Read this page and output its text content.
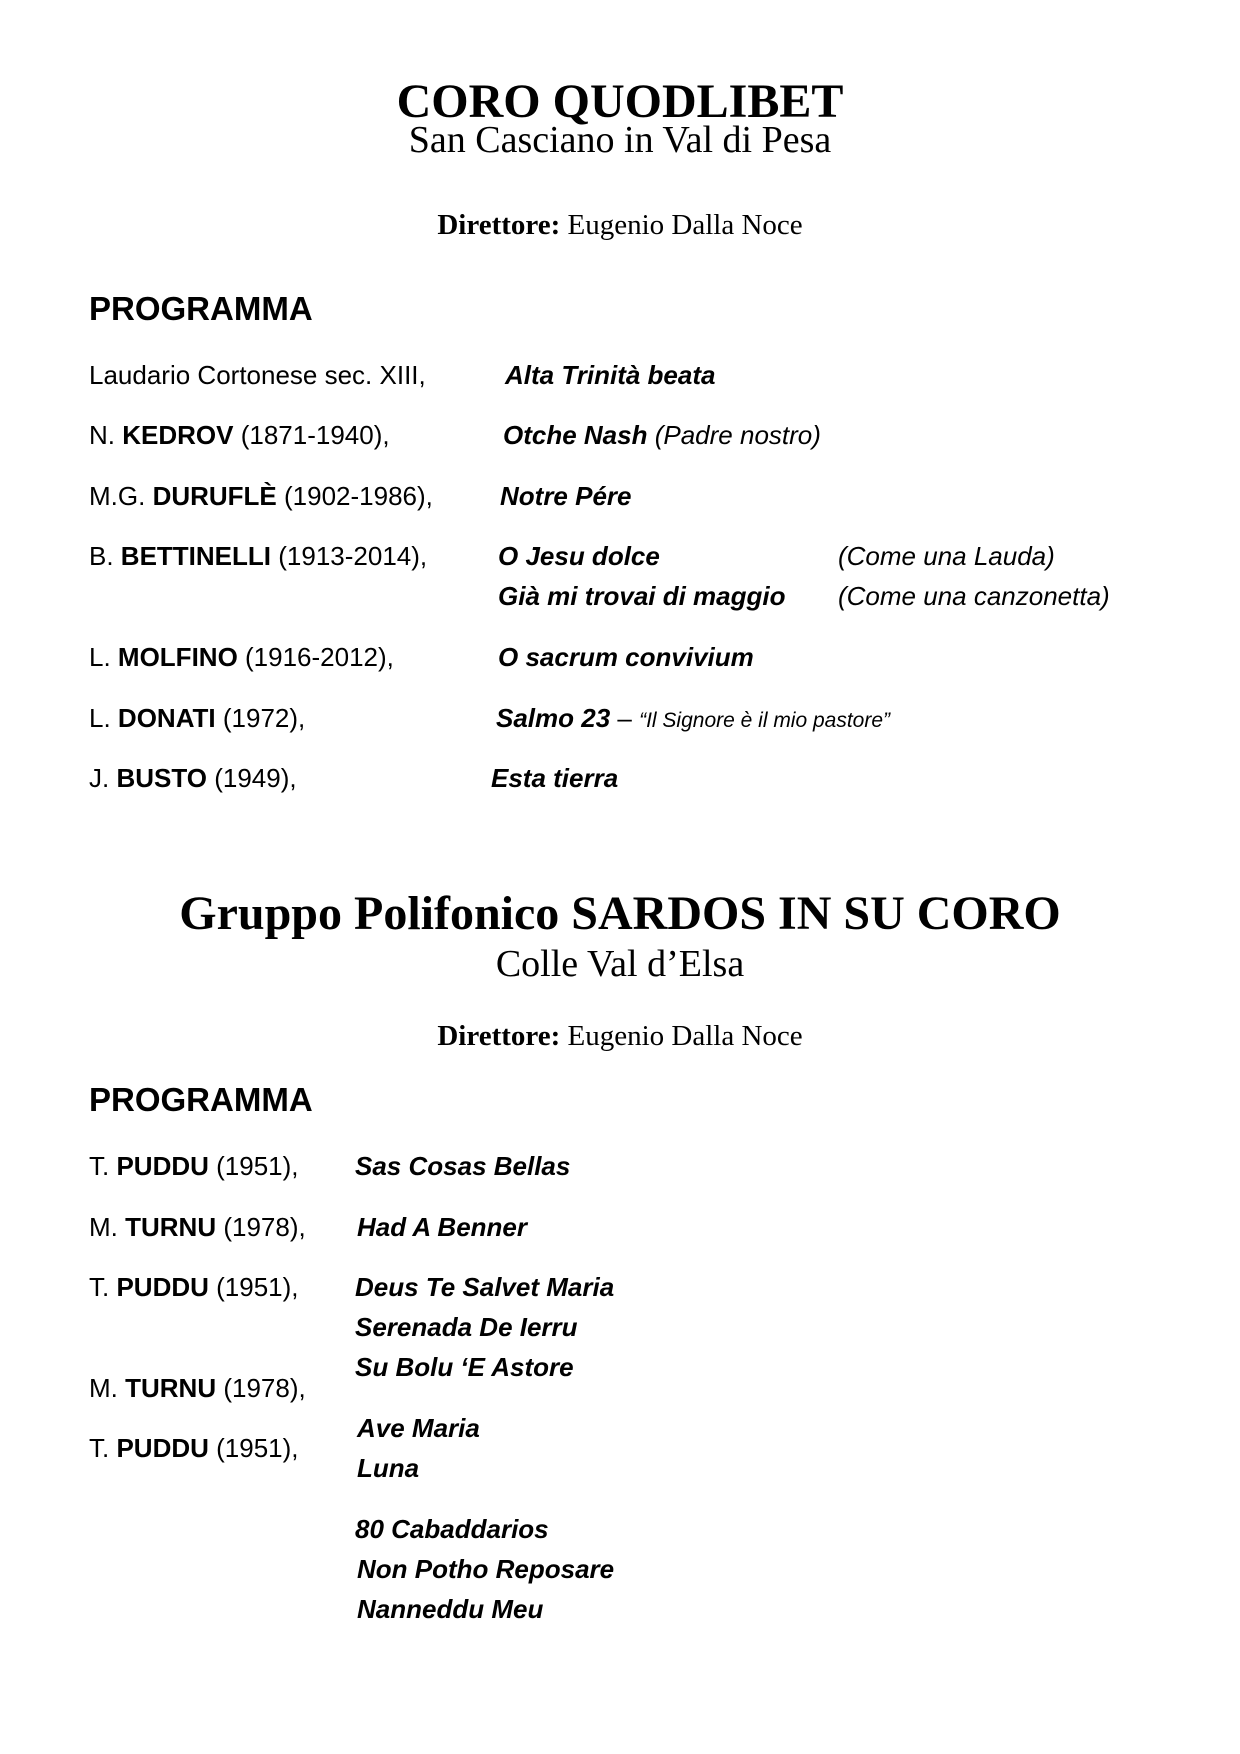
CORO QUODLIBET
San Casciano in Val di Pesa
Direttore: Eugenio Dalla Noce
PROGRAMMA
Laudario Cortonese sec. XIII,
N. KEDROV (1871-1940),
M.G. DURUFLÈ (1902-1986),
B. BETTINELLI (1913-2014),
L. MOLFINO (1916-2012),
L. DONATI (1972),
J. BUSTO (1949),
Alta Trinità beata
Otche Nash (Padre nostro)
Notre Pére
O Jesu dolce	(Come una Lauda)
Già mi trovai di maggio (Come una canzonetta)
O sacrum convivium
Salmo 23 – “Il Signore è il mio pastore”
Esta tierra
Gruppo Polifonico SARDOS IN SU CORO
Colle Val d’Elsa
Direttore: Eugenio Dalla Noce
PROGRAMMA
T. PUDDU (1951),
M. TURNU (1978),
T. PUDDU (1951),
M. TURNU (1978),
T. PUDDU (1951),
Sas Cosas Bellas
Had A Benner
Deus Te Salvet Maria
Serenada De Ierru
Su Bolu ‘E Astore
Ave Maria
Luna
80 Cabaddarios
Non Potho Reposare
Nanneddu Meu
